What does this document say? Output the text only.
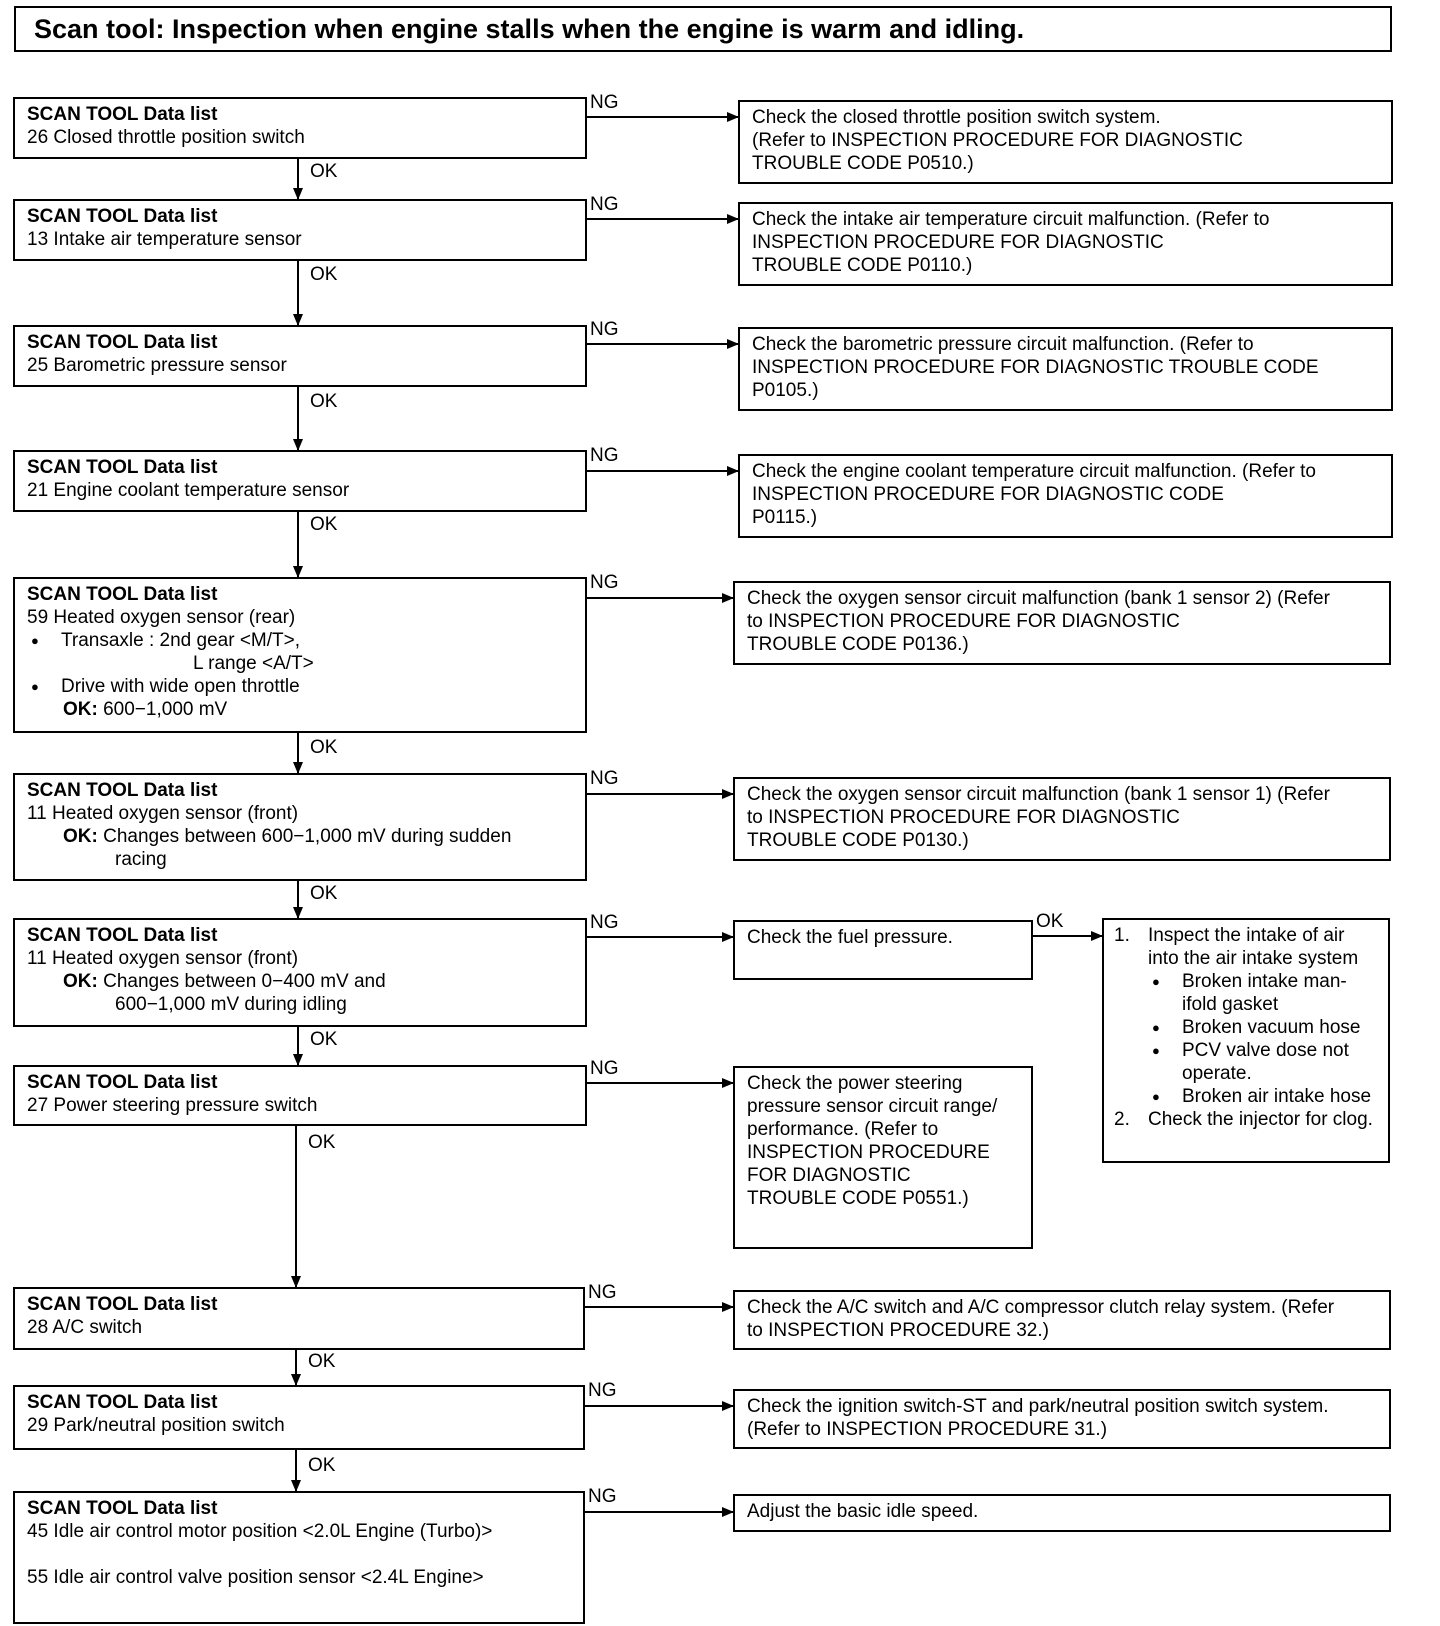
Scan tool: Inspection when engine stalls when the engine is warm and idling.
SCAN TOOL Data list
26 Closed throttle position switch
SCAN TOOL Data list
13 Intake air temperature sensor
SCAN TOOL Data list
25 Barometric pressure sensor
SCAN TOOL Data list
21 Engine coolant temperature sensor
SCAN TOOL Data list
59 Heated oxygen sensor (rear)
● Transaxle : 2nd gear <M/T>,
L range <A/T>
● Drive with wide open throttle
OK: 600−1,000 mV
SCAN TOOL Data list
11 Heated oxygen sensor (front)
OK: Changes between 600−1,000 mV during sudden
racing
SCAN TOOL Data list
11 Heated oxygen sensor (front)
OK: Changes between 0−400 mV and
600−1,000 mV during idling
SCAN TOOL Data list
27 Power steering pressure switch
SCAN TOOL Data list
28 A/C switch
SCAN TOOL Data list
29 Park/neutral position switch
SCAN TOOL Data list
45 Idle air control motor position <2.0L Engine (Turbo)>

55 Idle air control valve position sensor <2.4L Engine>
Check the closed throttle position switch system.
(Refer to INSPECTION PROCEDURE FOR DIAGNOSTIC
TROUBLE CODE P0510.)
Check the intake air temperature circuit malfunction. (Refer to
INSPECTION PROCEDURE FOR DIAGNOSTIC
TROUBLE CODE P0110.)
Check the barometric pressure circuit malfunction. (Refer to
INSPECTION PROCEDURE FOR DIAGNOSTIC TROUBLE CODE
P0105.)
Check the engine coolant temperature circuit malfunction. (Refer to
INSPECTION PROCEDURE FOR DIAGNOSTIC CODE
P0115.)
Check the oxygen sensor circuit malfunction (bank 1 sensor 2) (Refer
to INSPECTION PROCEDURE FOR DIAGNOSTIC
TROUBLE CODE P0136.)
Check the oxygen sensor circuit malfunction (bank 1 sensor 1) (Refer
to INSPECTION PROCEDURE FOR DIAGNOSTIC
TROUBLE CODE P0130.)
Check the fuel pressure.	1. Inspect the intake of air into the air intake system
● Broken intake man-ifold gasket
● Broken vacuum hose
● PCV valve dose not operate.
● Broken air intake hose
2. Check the injector for clog.
Check the power steering
pressure sensor circuit range/
performance. (Refer to
INSPECTION PROCEDURE
FOR DIAGNOSTIC
TROUBLE CODE P0551.)
Check the A/C switch and A/C compressor clutch relay system. (Refer
to INSPECTION PROCEDURE 32.)
Check the ignition switch-ST and park/neutral position switch system.
(Refer to INSPECTION PROCEDURE 31.)
Adjust the basic idle speed.
NG
NG
NG
NG
NG
NG
NG
NG
NG
NG
NG
OK
OK
OK
OK
OK
OK
OK
OK
OK
OK
OK
